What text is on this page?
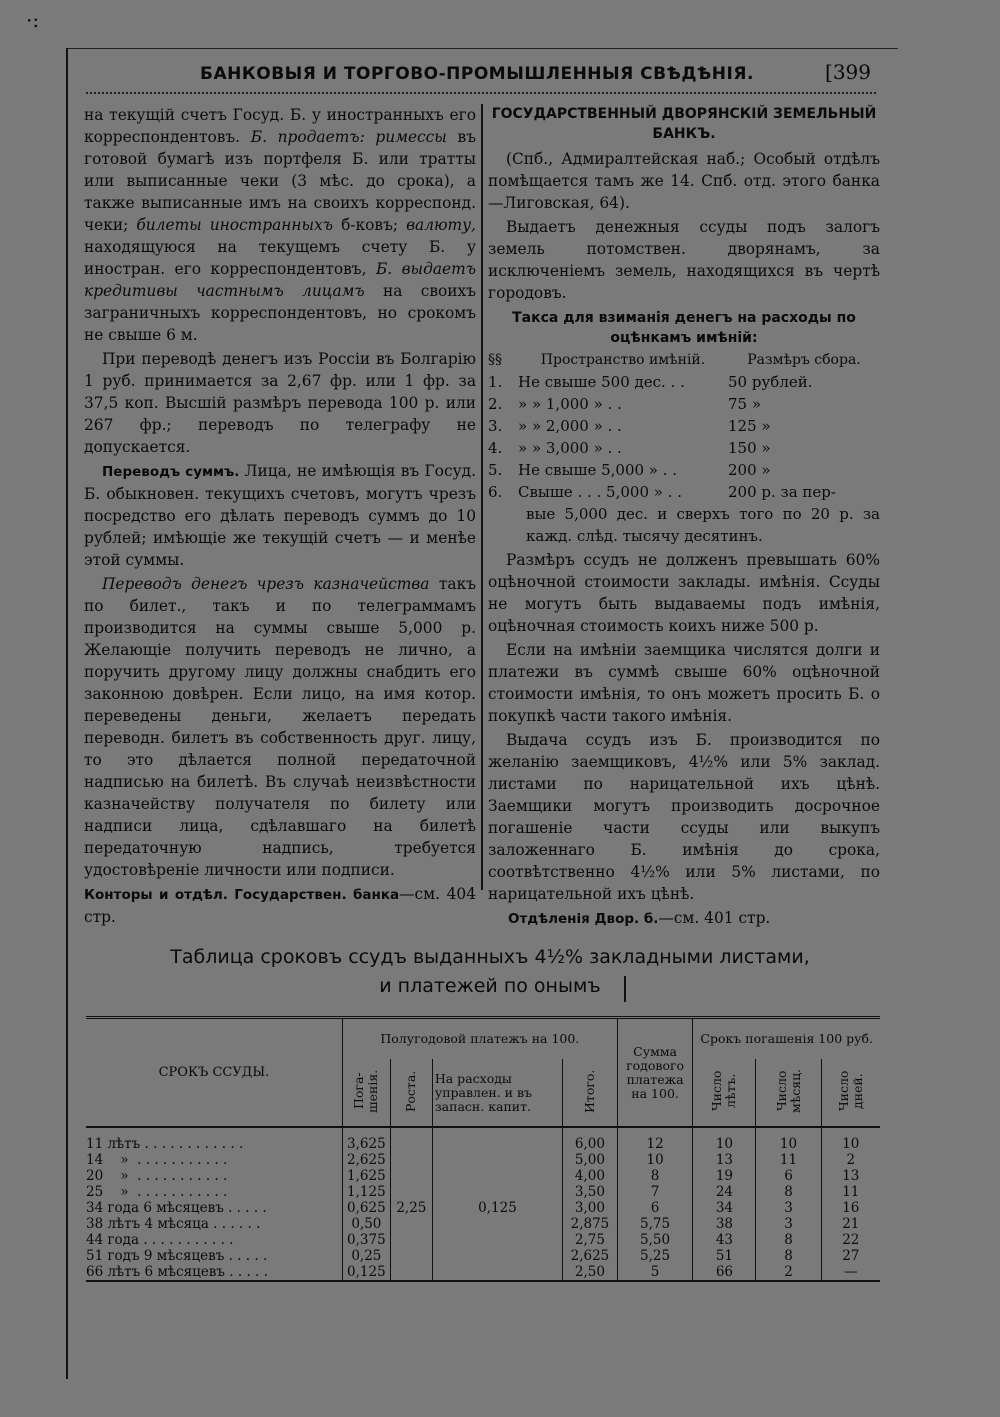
·:
БАНКОВЫЯ И ТОРГОВО-ПРОМЫШЛЕННЫЯ СВѢДѢНІЯ.	[399

на текущій счетъ Госуд. Б. у иностранныхъ его корреспондентовъ. Б. продаетъ: римессы въ готовой бумагѣ изъ портфеля Б. или тратты или выписанные чеки (3 мѣс. до срока), а также выписанные имъ на своихъ корреспонд. чеки; билеты иностранныхъ б-ковъ; валюту, находящуюся на текущемъ счету Б. у иностран. его корреспондентовъ, Б. выдаетъ кредитивы частнымъ лицамъ на своихъ заграничныхъ корреспондентовъ, но срокомъ не свыше 6 м.

При переводѣ денегъ изъ Россіи въ Болгарію 1 руб. принимается за 2,67 фр. или 1 фр. за 37,5 коп. Высшій размѣръ перевода 100 р. или 267 фр.; переводъ по телеграфу не допускается.

Переводъ суммъ. Лица, не имѣющія въ Госуд. Б. обыкновен. текущихъ счетовъ, могутъ чрезъ посредство его дѣлать переводъ суммъ до 10 рублей; имѣющіе же текущій счетъ — и менѣе этой суммы.

Переводъ денегъ чрезъ казначейства такъ по билет., такъ и по телеграммамъ производится на суммы свыше 5,000 р. Желающіе получить переводъ не лично, а поручить другому лицу должны снабдить его законною довѣрен. Если лицо, на имя котор. переведены деньги, желаетъ передать переводн. билетъ въ собственность друг. лицу, то это дѣлается полной передаточной надписью на билетѣ. Въ случаѣ неизвѣстности казначейству получателя по билету или надписи лица, сдѣлавшаго на билетѣ передаточную надпись, требуется удостовѣреніе личности или подписи.

Конторы и отдѣл. Государствен. банка—см. 404 стр.

ГОСУДАРСТВЕННЫЙ ДВОРЯНСКІЙ ЗЕМЕЛЬНЫЙ БАНКЪ.

(Спб., Адмиралтейская наб.; Особый отдѣлъ помѣщается тамъ же 14. Спб. отд. этого банка—Лиговская, 64).

Выдаетъ денежныя ссуды подъ залогъ земель потомствен. дворянамъ, за исключеніемъ земель, находящихся въ чертѣ городовъ.

Такса для взиманія денегъ на расходы по оцѣнкамъ имѣній:
§§	Пространство имѣній.	Размѣръ сбора.
1.	Не свыше 500 дес. . .	50 рублей.
2.	» » 1,000 » . .	75 »
3.	» » 2,000 » . .	125 »
4.	» » 3,000 » . .	150 »
5.	Не свыше 5,000 » . .	200 »
6.	Свыше . . . 5,000 » . .	200 р. за пер-

вые 5,000 дес. и сверхъ того по 20 р. за кажд. слѣд. тысячу десятинъ.

Размѣръ ссудъ не долженъ превышать 60% оцѣночной стоимости заклады. имѣнія. Ссуды не могутъ быть выдаваемы подъ имѣнія, оцѣночная стоимость коихъ ниже 500 р.

Если на имѣніи заемщика числятся долги и платежи въ суммѣ свыше 60% оцѣночной стоимости имѣнія, то онъ можетъ просить Б. о покупкѣ части такого имѣнія.

Выдача ссудъ изъ Б. производится по желанію заемщиковъ, 4½% или 5% заклад. листами по нарицательной ихъ цѣнѣ. Заемщики могутъ производить досрочное погашеніе части ссуды или выкупъ заложеннаго Б. имѣнія до срока, соотвѣтственно 4½% или 5% листами, по нарицательной ихъ цѣнѣ.

Отдѣленія Двор. б.—см. 401 стр.

Таблица сроковъ ссудъ выданныхъ 4½% закладными листами,
и платежей по онымъ
СРОКЪ ССУДЫ.	Полугодовой платежъ на 100.				Сумма годового платежа на 100.	Срокъ погашенія 100 руб.		
	Пога-шенія.	Роста.	На расходы управлен. и въ запасн. капит.	Итого.		Число лѣтъ.	Число мѣсяц.	Число дней.
11 лѣтъ . . . . . . . . . . . .	3,625	2,25	0,125	6,00	12	10	10	10
14    »  . . . . . . . . . . .	2,625			5,00	10	13	11	2
20    »  . . . . . . . . . . .	1,625			4,00	8	19	6	13
25    »  . . . . . . . . . . .	1,125			3,50	7	24	8	11
34 года 6 мѣсяцевъ . . . . .	0,625			3,00	6	34	3	16
38 лѣтъ 4 мѣсяца . . . . . .	0,50			2,875	5,75	38	3	21
44 года . . . . . . . . . . .	0,375			2,75	5,50	43	8	22
51 годъ 9 мѣсяцевъ . . . . .	0,25			2,625	5,25	51	8	27
66 лѣтъ 6 мѣсяцевъ . . . . .	0,125			2,50	5	66	2	—
